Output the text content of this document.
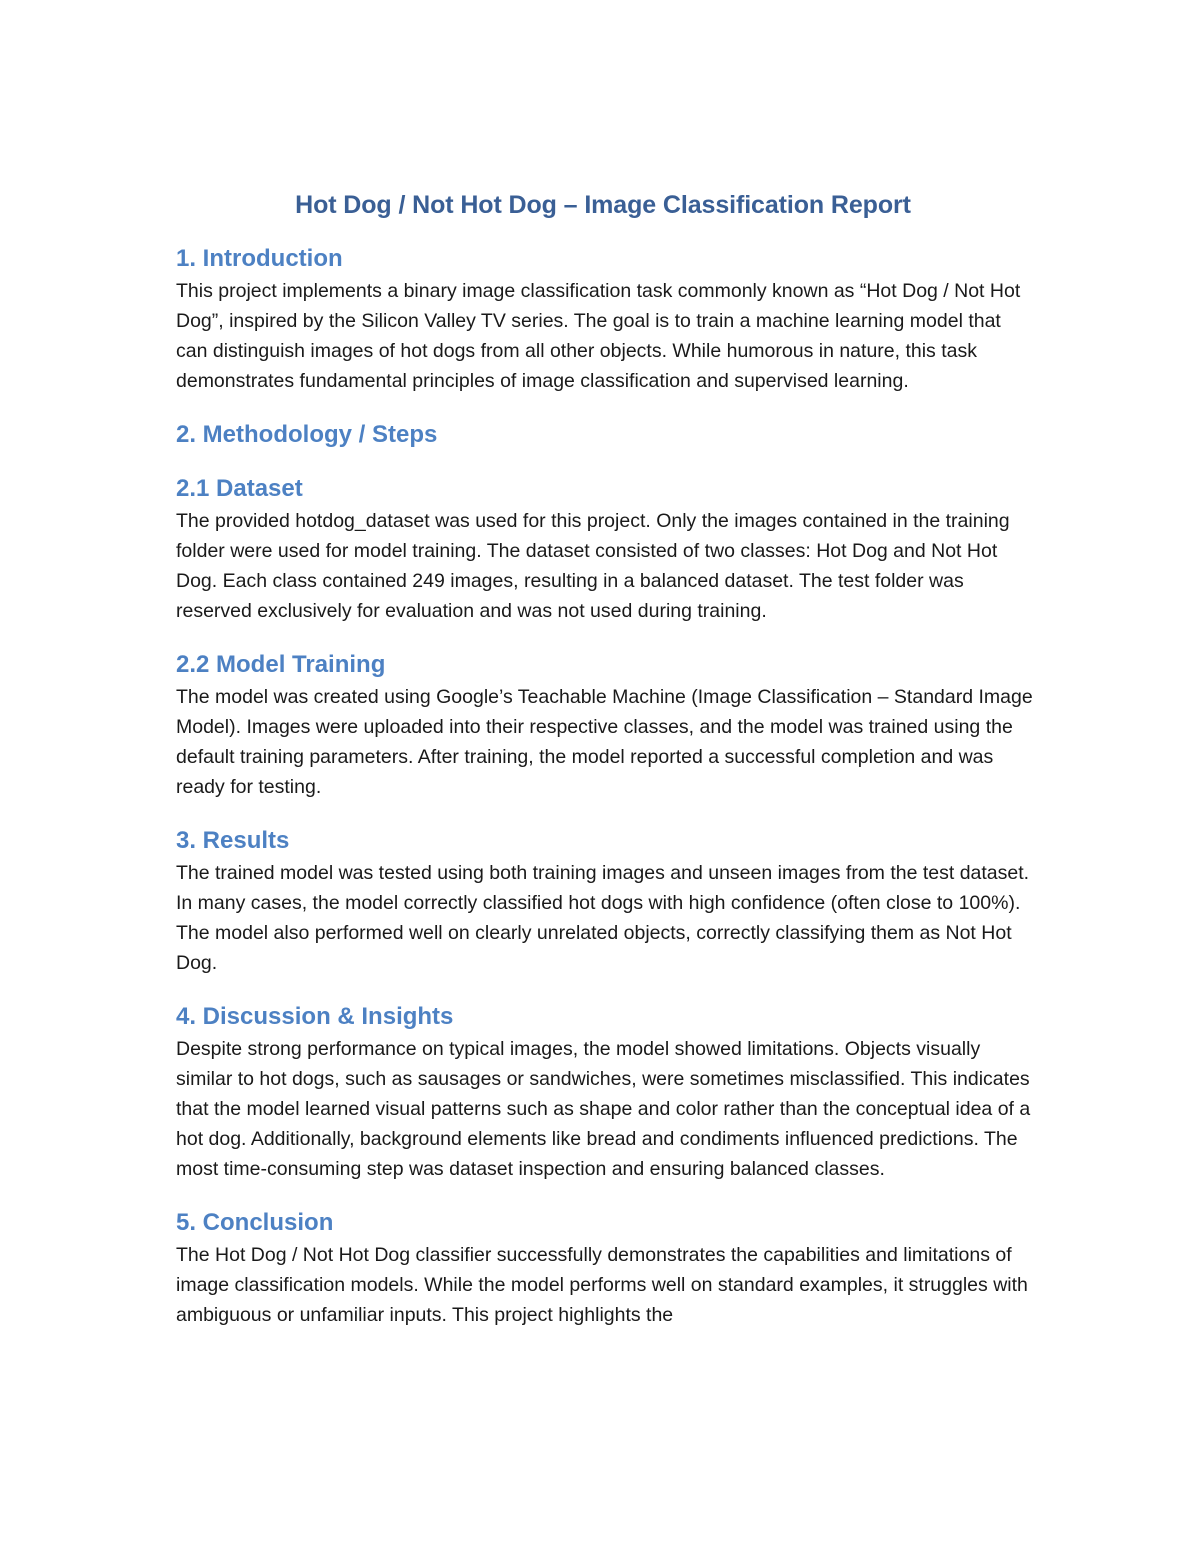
Hot Dog / Not Hot Dog – Image Classification Report
1. Introduction

This project implements a binary image classification task commonly known as “Hot Dog / Not Hot Dog”, inspired by the Silicon Valley TV series. The goal is to train a machine learning model that can distinguish images of hot dogs from all other objects. While humorous in nature, this task demonstrates fundamental principles of image classification and supervised learning.

2. Methodology / Steps
2.1 Dataset

The provided hotdog_dataset was used for this project. Only the images contained in the training folder were used for model training. The dataset consisted of two classes: Hot Dog and Not Hot Dog. Each class contained 249 images, resulting in a balanced dataset. The test folder was reserved exclusively for evaluation and was not used during training.

2.2 Model Training

The model was created using Google’s Teachable Machine (Image Classification – Standard Image Model). Images were uploaded into their respective classes, and the model was trained using the default training parameters. After training, the model reported a successful completion and was ready for testing.

3. Results

The trained model was tested using both training images and unseen images from the test dataset. In many cases, the model correctly classified hot dogs with high confidence (often close to 100%). The model also performed well on clearly unrelated objects, correctly classifying them as Not Hot Dog.

4. Discussion & Insights

Despite strong performance on typical images, the model showed limitations. Objects visually similar to hot dogs, such as sausages or sandwiches, were sometimes misclassified. This indicates that the model learned visual patterns such as shape and color rather than the conceptual idea of a hot dog. Additionally, background elements like bread and condiments influenced predictions. The most time-consuming step was dataset inspection and ensuring balanced classes.

5. Conclusion

The Hot Dog / Not Hot Dog classifier successfully demonstrates the capabilities and limitations of image classification models. While the model performs well on standard examples, it struggles with ambiguous or unfamiliar inputs. This project highlights the
